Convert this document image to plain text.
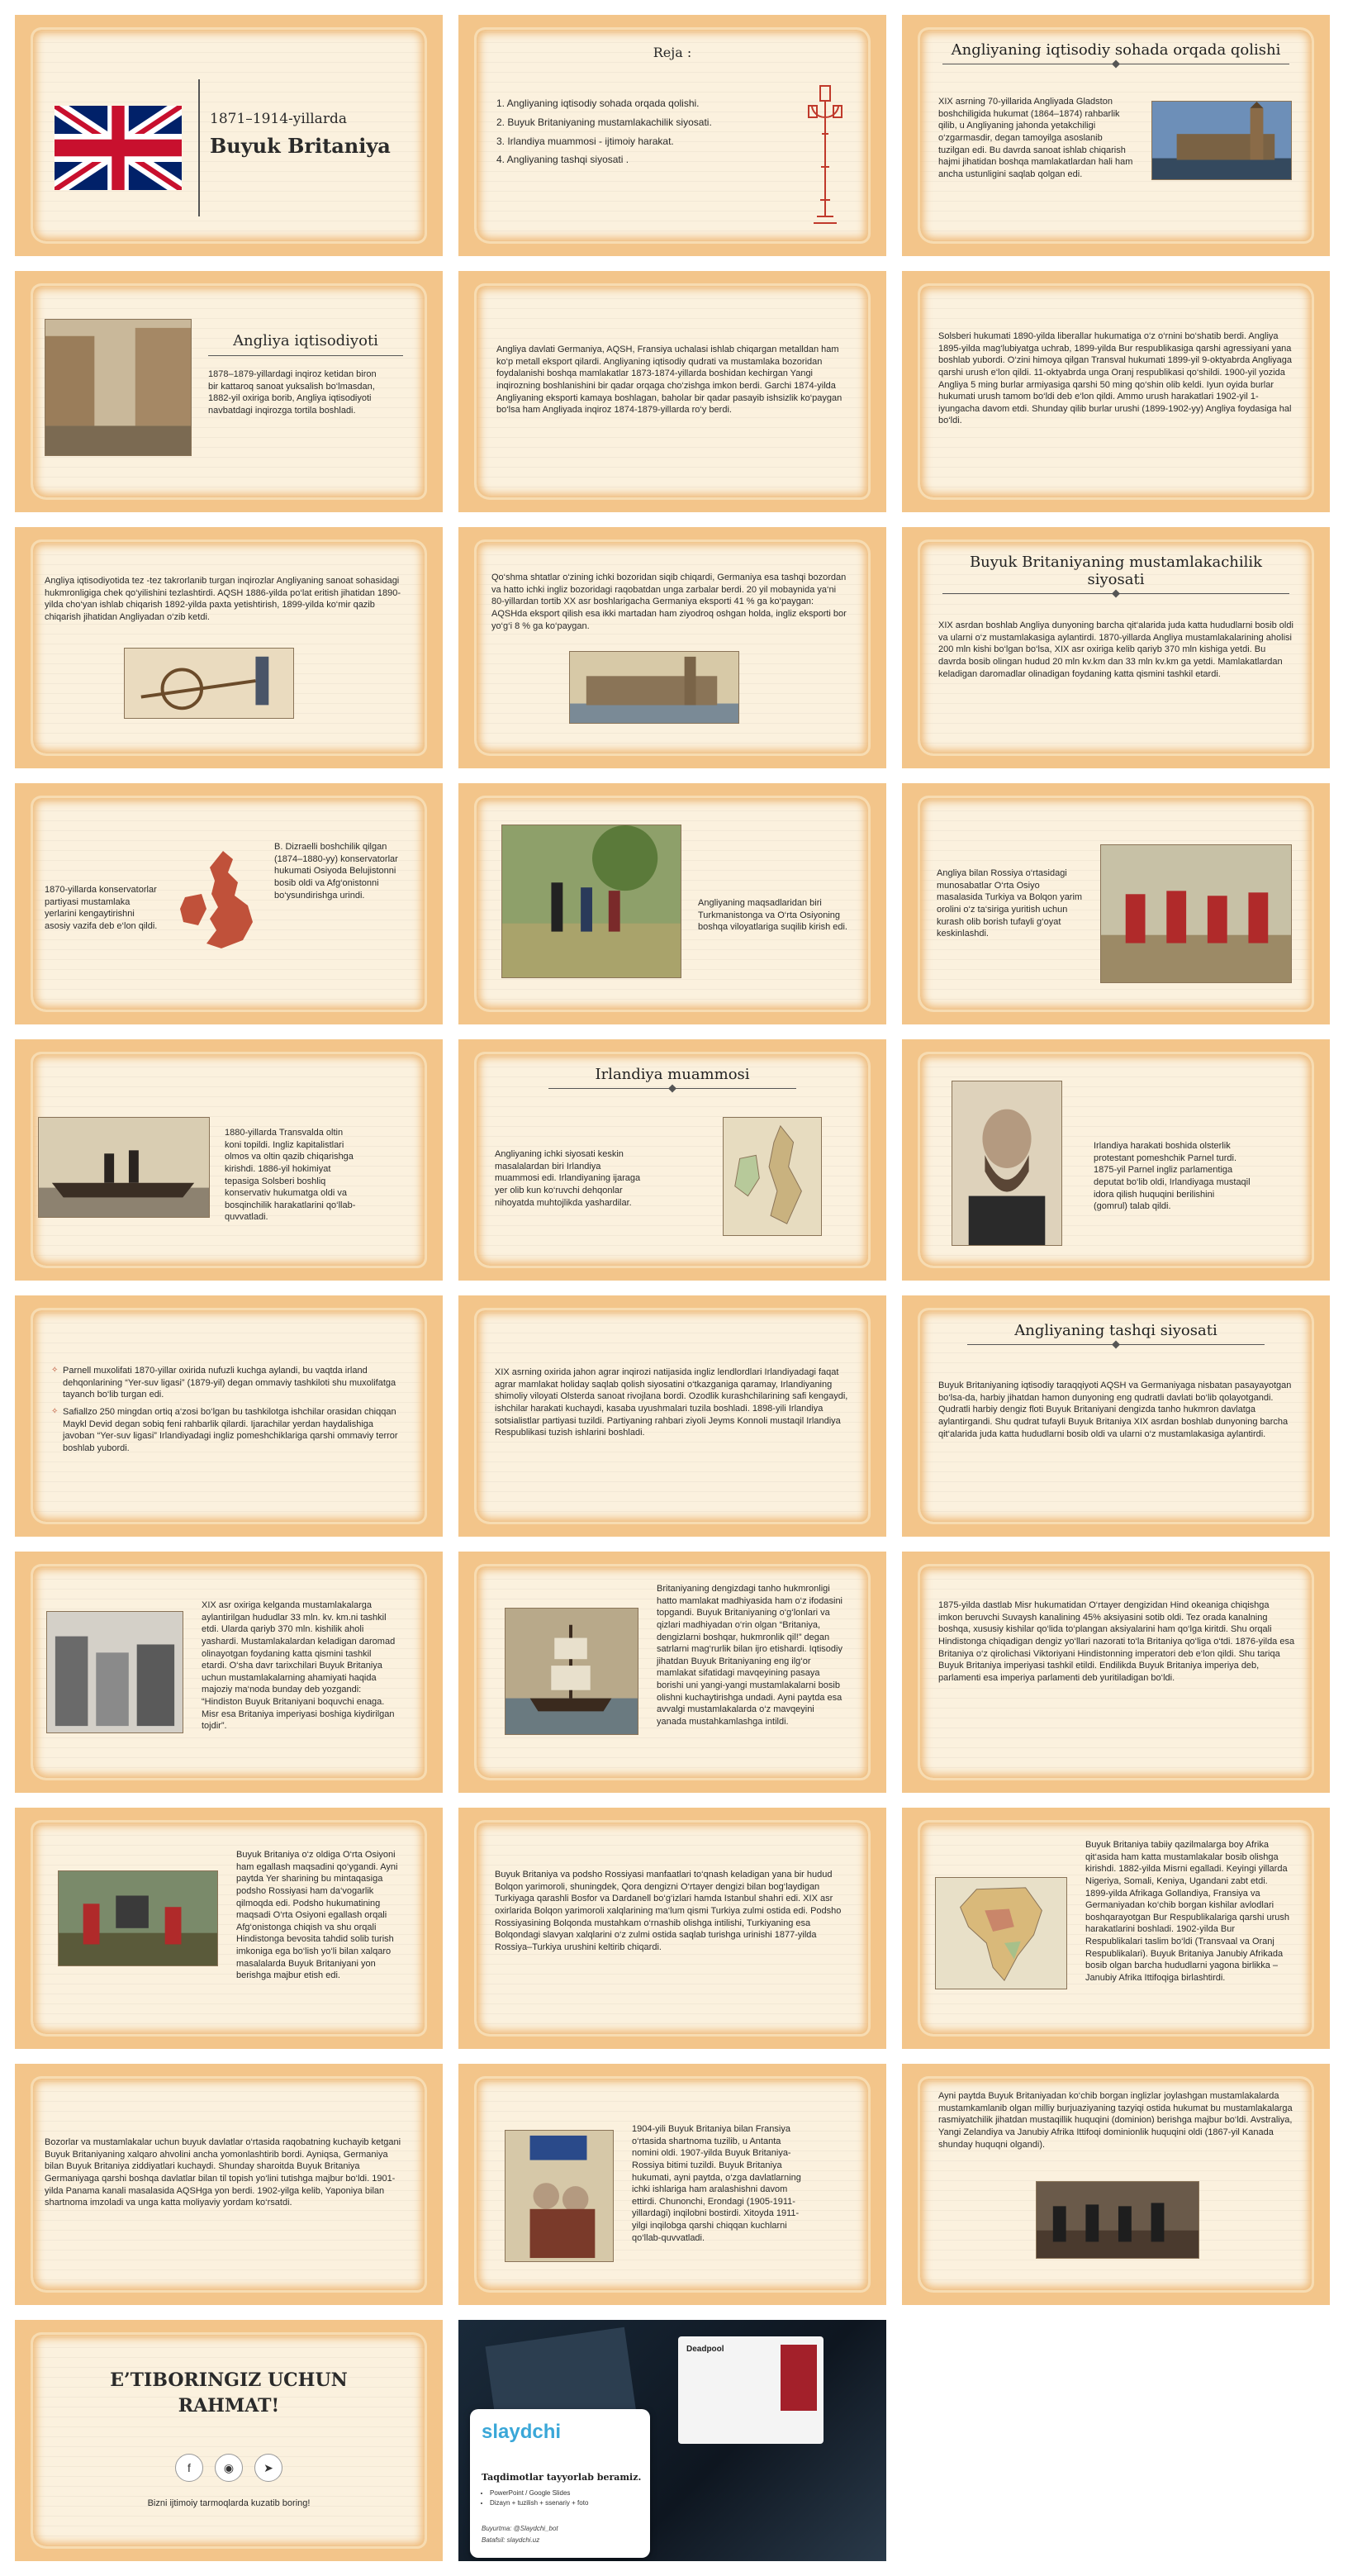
1871–1914-yillarda
Buyuk Britaniya
Reja :
1. Angliyaning iqtisodiy sohada orqada qolishi.
2. Buyuk Britaniyaning mustamlakachilik siyosati.
3. Irlandiya muammosi - ijtimoiy harakat.
4. Angliyaning tashqi siyosati .
Angliyaning iqtisodiy sohada orqada qolishi
XIX asrning 70-yillarida Angliyada Gladston boshchiligida hukumat (1864–1874) rahbarlik qilib, u Angliyaning jahonda yetakchiligi o‘zgarmasdir, degan tamoyilga asoslanib tuzilgan edi. Bu davrda sanoat ishlab chiqarish hajmi jihatidan boshqa mamlakatlardan hali ham ancha ustunligini saqlab qolgan edi.
Angliya iqtisodiyoti
1878–1879-yillardagi inqiroz ketidan biron bir kattaroq sanoat yuksalish bo‘lmasdan, 1882-yil oxiriga borib, Angliya iqtisodiyoti navbatdagi inqirozga tortila boshladi.
Angliya davlati Germaniya, AQSH, Fransiya uchalasi ishlab chiqargan metalldan ham ko‘p metall eksport qilardi. Angliyaning iqtisodiy qudrati va mustamlaka bozoridan foydalanishi boshqa mamlakatlar 1873-1874-yillarda boshidan kechirgan Yangi inqirozning boshlanishini bir qadar orqaga cho‘zishga imkon berdi. Garchi 1874-yilda Angliyaning eksporti kamaya boshlagan, baholar bir qadar pasayib ishsizlik ko‘paygan bo‘lsa ham Angliyada inqiroz 1874-1879-yillarda ro‘y berdi.
Solsberi hukumati 1890-yilda liberallar hukumatiga o‘z o‘rnini bo‘shatib berdi. Angliya 1895-yilda mag‘lubiyatga uchrab, 1899-yilda Bur respublikasiga qarshi agressiyani yana boshlab yubordi. O‘zini himoya qilgan Transval hukumati 1899-yil 9-oktyabrda Angliyaga qarshi urush e‘lon qildi. 11-oktyabrda unga Oranj respublikasi qo‘shildi. 1900-yil yozida Angliya 5 ming burlar armiyasiga qarshi 50 ming qo‘shin olib keldi. Iyun oyida burlar hukumati urush tamom bo‘ldi deb e‘lon qildi. Ammo urush harakatlari 1902-yil 1-iyungacha davom etdi. Shunday qilib burlar urushi (1899-1902-yy) Angliya foydasiga hal bo‘ldi.
Angliya iqtisodiyotida tez -tez takrorlanib turgan inqirozlar Angliyaning sanoat sohasidagi hukmronligiga chek qo‘yilishini tezlashtirdi. AQSH 1886-yilda po‘lat eritish jihatidan 1890-yilda cho‘yan ishlab chiqarish 1892-yilda paxta yetishtirish, 1899-yilda ko‘mir qazib chiqarish jihatidan Angliyadan o‘zib ketdi.
Qo‘shma shtatlar o‘zining ichki bozoridan siqib chiqardi, Germaniya esa tashqi bozordan va hatto ichki ingliz bozoridagi raqobatdan unga zarbalar berdi. 20 yil mobaynida ya‘ni 80-yillardan tortib XX asr boshlarigacha Germaniya eksporti 41 % ga ko‘paygan: AQSHda eksport qilish esa ikki martadan ham ziyodroq oshgan holda, ingliz eksporti bor yo‘g‘i 8 % ga ko‘paygan.
Buyuk Britaniyaning mustamlakachilik siyosati
XIX asrdan boshlab Angliya dunyoning barcha qit‘alarida juda katta hududlarni bosib oldi va ularni o‘z mustamlakasiga aylantirdi. 1870-yillarda Angliya mustamlakalarining aholisi 200 mln kishi bo‘lgan bo‘lsa, XIX asr oxiriga kelib qariyb 370 mln kishiga yetdi. Bu davrda bosib olingan hudud 20 mln kv.km dan 33 mln kv.km ga yetdi. Mamlakatlardan keladigan daromadlar olinadigan foydaning katta qismini tashkil etardi.
1870-yillarda konservatorlar partiyasi mustamlaka yerlarini kengaytirishni asosiy vazifa deb e‘lon qildi.
B. Dizraelli boshchilik qilgan (1874–1880-yy) konservatorlar hukumati Osiyoda Belujistonni bosib oldi va Afg‘onistonni bo‘ysundirishga urindi.
Angliyaning maqsadlaridan biri Turkmanistonga va O‘rta Osiyoning boshqa viloyatlariga suqilib kirish edi.
Angliya bilan Rossiya o‘rtasidagi munosabatlar O‘rta Osiyo masalasida Turkiya va Bolqon yarim orolini o‘z ta‘siriga yuritish uchun kurash olib borish tufayli g‘oyat keskinlashdi.
1880-yillarda Transvalda oltin koni topildi. Ingliz kapitalistlari olmos va oltin qazib chiqarishga kirishdi. 1886-yil hokimiyat tepasiga Solsberi boshliq konservativ hukumatga oldi va bosqinchilik harakatlarini qo‘llab-quvvatladi.
Irlandiya muammosi
Angliyaning ichki siyosati keskin masalalardan biri Irlandiya muammosi edi. Irlandiyaning ijaraga yer olib kun ko‘ruvchi dehqonlar nihoyatda muhtojlikda yashardilar.
Irlandiya harakati boshida olsterlik protestant pomeshchik Parnel turdi. 1875-yil Parnel ingliz parlamentiga deputat bo‘lib oldi, Irlandiyaga mustaqil idora qilish huquqini berilishini (gomrul) talab qildi.
✧ Parnell muxolifati 1870-yillar oxirida nufuzli kuchga aylandi, bu vaqtda irland dehqonlarining “Yer-suv ligasi” (1879-yil) degan ommaviy tashkiloti shu muxolifatga tayanch bo‘lib turgan edi.
✧ Safiallzo 250 mingdan ortiq a‘zosi bo‘lgan bu tashkilotga ishchilar orasidan chiqqan Maykl Devid degan sobiq feni rahbarlik qilardi. Ijarachilar yerdan haydalishiga javoban “Yer-suv ligasi” Irlandiyadagi ingliz pomeshchiklariga qarshi ommaviy terror boshlab yubordi.
XIX asrning oxirida jahon agrar inqirozi natijasida ingliz lendlordlari Irlandiyadagi faqat agrar mamlakat holiday saqlab qolish siyosatini o‘tkazganiga qaramay, Irlandiyaning shimoliy viloyati Olsterda sanoat rivojlana bordi. Ozodlik kurashchilarining safi kengaydi, ishchilar harakati kuchaydi, kasaba uyushmalari tuzila boshladi. 1898-yili Irlandiya sotsialistlar partiyasi tuzildi. Partiyaning rahbari ziyoli Jeyms Konnoli mustaqil Irlandiya Respublikasi tuzish ishlarini boshladi.
Angliyaning tashqi siyosati
Buyuk Britaniyaning iqtisodiy taraqqiyoti AQSH va Germaniyaga nisbatan pasayayotgan bo‘lsa-da, harbiy jihatdan hamon dunyoning eng qudratli davlati bo‘lib qolayotgandi. Qudratli harbiy dengiz floti Buyuk Britaniyani dengizda tanho hukmron davlatga aylantirgandi. Shu qudrat tufayli Buyuk Britaniya XIX asrdan boshlab dunyoning barcha qit‘alarida juda katta hududlarni bosib oldi va ularni o‘z mustamlakasiga aylantirdi.
XIX asr oxiriga kelganda mustamlakalarga aylantirilgan hududlar 33 mln. kv. km.ni tashkil etdi. Ularda qariyb 370 mln. kishilik aholi yashardi. Mustamlakalardan keladigan daromad olinayotgan foydaning katta qismini tashkil etardi. O‘sha davr tarixchilari Buyuk Britaniya uchun mustamlakalarning ahamiyati haqida majoziy ma‘noda bunday deb yozgandi: “Hindiston Buyuk Britaniyani boquvchi enaga. Misr esa Britaniya imperiyasi boshiga kiydirilgan tojdir”.
Britaniyaning dengizdagi tanho hukmronligi hatto mamlakat madhiyasida ham o‘z ifodasini topgandi. Buyuk Britaniyaning o‘g‘lonlari va qizlari madhiyadan o‘rin olgan “Britaniya, dengizlarni boshqar, hukmronlik qil!” degan satrlarni mag‘rurlik bilan ijro etishardi. Iqtisodiy jihatdan Buyuk Britaniyaning eng ilg‘or mamlakat sifatidagi mavqeyining pasaya borishi uni yangi-yangi mustamlakalarni bosib olishni kuchaytirishga undadi. Ayni paytda esa avvalgi mustamlakalarda o‘z mavqeyini yanada mustahkamlashga intildi.
1875-yilda dastlab Misr hukumatidan O‘rtayer dengizidan Hind okeaniga chiqishga imkon beruvchi Suvaysh kanalining 45% aksiyasini sotib oldi. Tez orada kanalning boshqa, xususiy kishilar qo‘lida to‘plangan aksiyalarini ham qo‘lga kiritdi. Shu orqali Hindistonga chiqadigan dengiz yo‘llari nazorati to‘la Britaniya qo‘liga o‘tdi. 1876-yilda esa Britaniya o‘z qirolichasi Viktoriyani Hindistonning imperatori deb e‘lon qildi. Shu tariqa Buyuk Britaniya imperiyasi tashkil etildi. Endilikda Buyuk Britaniya imperiya deb, parlamenti esa imperiya parlamenti deb yuritiladigan bo‘ldi.
Buyuk Britaniya o‘z oldiga O‘rta Osiyoni ham egallash maqsadini qo‘ygandi. Ayni paytda Yer sharining bu mintaqasiga podsho Rossiyasi ham da‘vogarlik qilmoqda edi. Podsho hukumatining maqsadi O‘rta Osiyoni egallash orqali Afg‘onistonga chiqish va shu orqali Hindistonga bevosita tahdid solib turish imkoniga ega bo‘lish yo‘li bilan xalqaro masalalarda Buyuk Britaniyani yon berishga majbur etish edi.
Buyuk Britaniya va podsho Rossiyasi manfaatlari to‘qnash keladigan yana bir hudud Bolqon yarimoroli, shuningdek, Qora dengizni O‘rtayer dengizi bilan bog‘laydigan Turkiyaga qarashli Bosfor va Dardanell bo‘g‘izlari hamda Istanbul shahri edi. XIX asr oxirlarida Bolqon yarimoroli xalqlarining ma‘lum qismi Turkiya zulmi ostida edi. Podsho Rossiyasining Bolqonda mustahkam o‘rnashib olishga intilishi, Turkiyaning esa Bolqondagi slavyan xalqlarini o‘z zulmi ostida saqlab turishga urinishi 1877-yilda Rossiya–Turkiya urushini keltirib chiqardi.
Buyuk Britaniya tabiiy qazilmalarga boy Afrika qit‘asida ham katta mustamlakalar bosib olishga kirishdi. 1882-yilda Misrni egalladi. Keyingi yillarda Nigeriya, Somali, Keniya, Ugandani zabt etdi. 1899-yilda Afrikaga Gollandiya, Fransiya va Germaniyadan ko‘chib borgan kishilar avlodlari boshqarayotgan Bur Respublikalariga qarshi urush harakatlarini boshladi. 1902-yilda Bur Respublikalari taslim bo‘ldi (Transvaal va Oranj Respublikalari). Buyuk Britaniya Janubiy Afrikada bosib olgan barcha hududlarni yagona birlikka – Janubiy Afrika Ittifoqiga birlashtirdi.
Bozorlar va mustamlakalar uchun buyuk davlatlar o‘rtasida raqobatning kuchayib ketgani Buyuk Britaniyaning xalqaro ahvolini ancha yomonlashtirib bordi. Ayniqsa, Germaniya bilan Buyuk Britaniya ziddiyatlari kuchaydi. Shunday sharoitda Buyuk Britaniya Germaniyaga qarshi boshqa davlatlar bilan til topish yo‘lini tutishga majbur bo‘ldi. 1901-yilda Panama kanali masalasida AQSHga yon berdi. 1902-yilga kelib, Yaponiya bilan shartnoma imzoladi va unga katta moliyaviy yordam ko‘rsatdi.
1904-yili Buyuk Britaniya bilan Fransiya o‘rtasida shartnoma tuzilib, u Antanta nomini oldi. 1907-yilda Buyuk Britaniya-Rossiya bitimi tuzildi. Buyuk Britaniya hukumati, ayni paytda, o‘zga davlatlarning ichki ishlariga ham aralashishni davom ettirdi. Chunonchi, Erondagi (1905-1911-yillardagi) inqilobni bostirdi. Xitoyda 1911-yilgi inqilobga qarshi chiqqan kuchlarni qo‘llab-quvvatladi.
Ayni paytda Buyuk Britaniyadan ko‘chib borgan inglizlar joylashgan mustamlakalarda mustamkamlanib olgan milliy burjuaziyaning tazyiqi ostida hukumat bu mustamlakalarga rasmiyatchilik jihatdan mustaqillik huquqini (dominion) berishga majbur bo‘ldi. Avstraliya, Yangi Zelandiya va Janubiy Afrika Ittifoqi dominionlik huquqini oldi (1867-yil Kanada shunday huquqni olgandi).
E’TIBORINGIZ UCHUN RAHMAT!
f	◉	➤
Bizni ijtimoiy tarmoqlarda kuzatib boring!
Deadpool
slaydchi
Taqdimotlar tayyorlab beramiz.
• PowerPoint / Google Slides
• Dizayn + tuzilish + ssenariy + foto
Buyurtma: @Slaydchi_bot
Batafsil: slaydchi.uz
